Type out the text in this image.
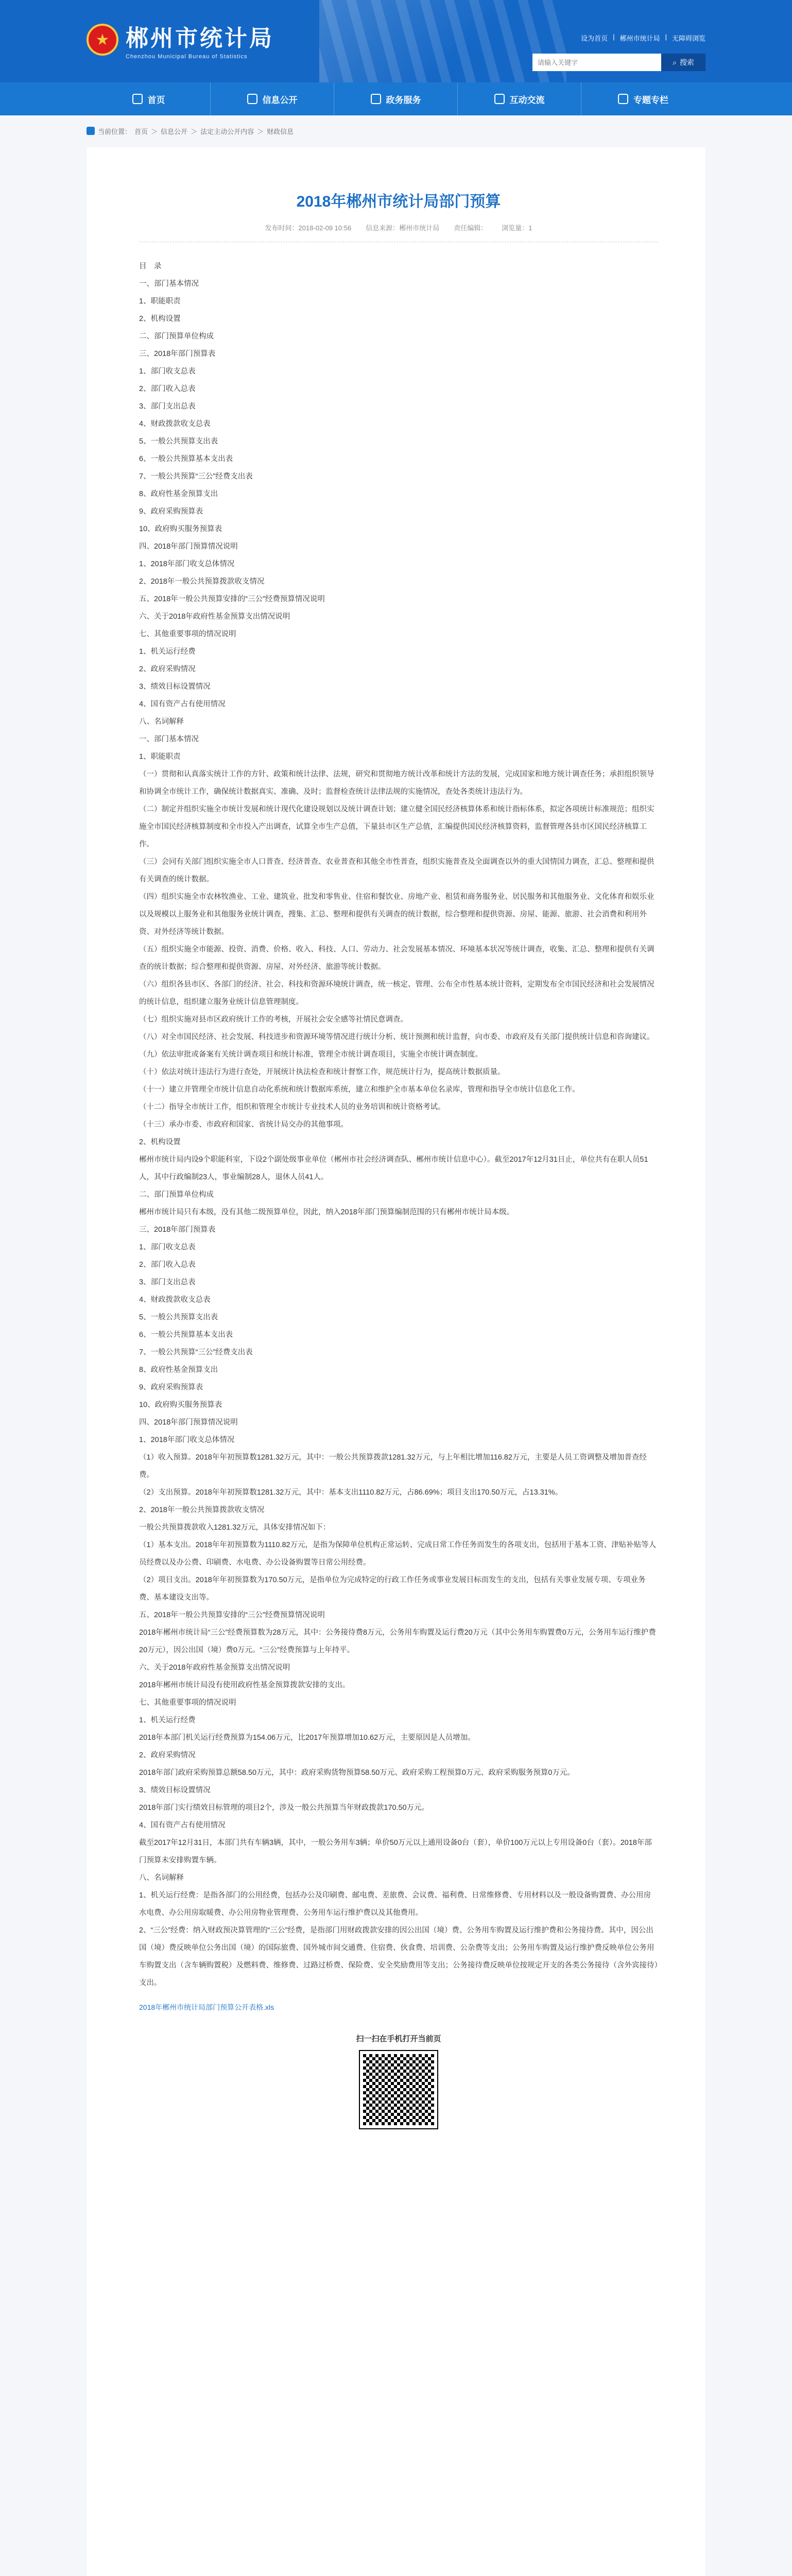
★ 郴州市统计局
Chenzhou Municipal Bureau of Statistics
设为首页 | 郴州市统计局 | 无障碍浏览
请输入关键字
⌕ 搜索
首页	信息公开	政务服务	互动交流	专题专栏
当前位置： 首页 ＞ 信息公开 ＞ 法定主动公开内容 ＞ 财政信息
2018年郴州市统计局部门预算
发布时间：2018-02-09 10:56 信息来源：郴州市统计局 责任编辑： 浏览量：1

目　录

一、部门基本情况

1、职能职责

2、机构设置

二、部门预算单位构成

三、2018年部门预算表

1、部门收支总表

2、部门收入总表

3、部门支出总表

4、财政拨款收支总表

5、一般公共预算支出表

6、一般公共预算基本支出表

7、一般公共预算“三公”经费支出表

8、政府性基金预算支出

9、政府采购预算表

10、政府购买服务预算表

四、2018年部门预算情况说明

1、2018年部门收支总体情况

2、2018年一般公共预算拨款收支情况

五、2018年一般公共预算安排的“三公”经费预算情况说明

六、关于2018年政府性基金预算支出情况说明

七、其他重要事项的情况说明

1、机关运行经费

2、政府采购情况

3、绩效目标设置情况

4、国有资产占有使用情况

八、名词解释

一、部门基本情况

1、职能职责

（一）贯彻和认真落实统计工作的方针、政策和统计法律、法规，研究和贯彻地方统计改革和统计方法的发展，完成国家和地方统计调查任务；承担组织领导和协调全市统计工作，确保统计数据真实、准确、及时；监督检查统计法律法规的实施情况，查处各类统计违法行为。

（二）制定并组织实施全市统计发展和统计现代化建设规划以及统计调查计划；建立健全国民经济核算体系和统计指标体系，拟定各项统计标准规范；组织实施全市国民经济核算制度和全市投入产出调查，试算全市生产总值，下量县市区生产总值，汇编提供国民经济核算资料，监督管理各县市区国民经济核算工作。

（三）会同有关部门组织实施全市人口普查、经济普查、农业普查和其他全市性普查，组织实施普查及全面调查以外的重大国情国力调查，汇总、整理和提供有关调查的统计数据。

（四）组织实施全市农林牧渔业、工业、建筑业、批发和零售业、住宿和餐饮业、房地产业、租赁和商务服务业、居民服务和其他服务业、文化体育和娱乐业以及规模以上服务业和其他服务业统计调查，搜集、汇总、整理和提供有关调查的统计数据，综合整理和提供资源、房屋、能源、旅游、社会消费和利用外资、对外经济等统计数据。

（五）组织实施全市能源、投资、消费、价格、收入、科技、人口、劳动力、社会发展基本情况、环境基本状况等统计调查，收集、汇总、整理和提供有关调查的统计数据；综合整理和提供资源、房屋、对外经济、旅游等统计数据。

（六）组织各县市区、各部门的经济、社会、科技和资源环境统计调查，统一核定、管理、公布全市性基本统计资料，定期发布全市国民经济和社会发展情况的统计信息，组织建立服务业统计信息管理制度。

（七）组织实施对县市区政府统计工作的考核，开展社会安全感等社情民意调查。

（八）对全市国民经济、社会发展、科技进步和资源环境等情况进行统计分析、统计预测和统计监督，向市委、市政府及有关部门提供统计信息和咨询建议。

（九）依法审批或备案有关统计调查项目和统计标准，管理全市统计调查项目，实施全市统计调查制度。

（十）依法对统计违法行为进行查处，开展统计执法检查和统计督察工作，规范统计行为，提高统计数据质量。

（十一）建立并管理全市统计信息自动化系统和统计数据库系统，建立和维护全市基本单位名录库，管理和指导全市统计信息化工作。

（十二）指导全市统计工作，组织和管理全市统计专业技术人员的业务培训和统计资格考试。

（十三）承办市委、市政府和国家、省统计局交办的其他事项。

2、机构设置

郴州市统计局内设9个职能科室，下设2个副处级事业单位（郴州市社会经济调查队、郴州市统计信息中心）。截至2017年12月31日止，单位共有在职人员51人，其中行政编制23人，事业编制28人，退休人员41人。

二、部门预算单位构成

郴州市统计局只有本级，没有其他二级预算单位，因此，纳入2018年部门预算编制范围的只有郴州市统计局本级。

三、2018年部门预算表

1、部门收支总表

2、部门收入总表

3、部门支出总表

4、财政拨款收支总表

5、一般公共预算支出表

6、一般公共预算基本支出表

7、一般公共预算“三公”经费支出表

8、政府性基金预算支出

9、政府采购预算表

10、政府购买服务预算表

四、2018年部门预算情况说明

1、2018年部门收支总体情况

（1）收入预算。2018年年初预算数1281.32万元，其中：一般公共预算拨款1281.32万元，与上年相比增加116.82万元，主要是人员工资调整及增加普查经费。

（2）支出预算。2018年年初预算数1281.32万元，其中：基本支出1110.82万元，占86.69%；项目支出170.50万元，占13.31%。

2、2018年一般公共预算拨款收支情况

一般公共预算拨款收入1281.32万元，具体安排情况如下：

（1）基本支出。2018年年初预算数为1110.82万元，是指为保障单位机构正常运转、完成日常工作任务而发生的各项支出，包括用于基本工资、津贴补贴等人员经费以及办公费、印刷费、水电费、办公设备购置等日常公用经费。

（2）项目支出。2018年年初预算数为170.50万元，是指单位为完成特定的行政工作任务或事业发展目标而发生的支出，包括有关事业发展专项、专项业务费、基本建设支出等。

五、2018年一般公共预算安排的“三公”经费预算情况说明

2018年郴州市统计局“三公”经费预算数为28万元，其中：公务接待费8万元，公务用车购置及运行费20万元（其中公务用车购置费0万元，公务用车运行维护费20万元），因公出国（境）费0万元。“三公”经费预算与上年持平。

六、关于2018年政府性基金预算支出情况说明

2018年郴州市统计局没有使用政府性基金预算拨款安排的支出。

七、其他重要事项的情况说明

1、机关运行经费

2018年本部门机关运行经费预算为154.06万元，比2017年预算增加10.62万元，主要原因是人员增加。

2、政府采购情况

2018年部门政府采购预算总额58.50万元，其中：政府采购货物预算58.50万元、政府采购工程预算0万元、政府采购服务预算0万元。

3、绩效目标设置情况

2018年部门实行绩效目标管理的项目2个，涉及一般公共预算当年财政拨款170.50万元。

4、国有资产占有使用情况

截至2017年12月31日，本部门共有车辆3辆，其中，一般公务用车3辆；单价50万元以上通用设备0台（套），单价100万元以上专用设备0台（套）。2018年部门预算未安排购置车辆。

八、名词解释

1、机关运行经费：是指各部门的公用经费，包括办公及印刷费、邮电费、差旅费、会议费、福利费、日常维修费、专用材料以及一般设备购置费、办公用房水电费、办公用房取暖费、办公用房物业管理费、公务用车运行维护费以及其他费用。

2、“三公”经费：纳入财政预决算管理的“三公”经费，是指部门用财政拨款安排的因公出国（境）费、公务用车购置及运行维护费和公务接待费。其中，因公出国（境）费反映单位公务出国（境）的国际旅费、国外城市间交通费、住宿费、伙食费、培训费、公杂费等支出；公务用车购置及运行维护费反映单位公务用车购置支出（含车辆购置税）及燃料费、维修费、过路过桥费、保险费、安全奖励费用等支出；公务接待费反映单位按规定开支的各类公务接待（含外宾接待）支出。

2018年郴州市统计局部门预算公开表格.xls
扫一扫在手机打开当前页
